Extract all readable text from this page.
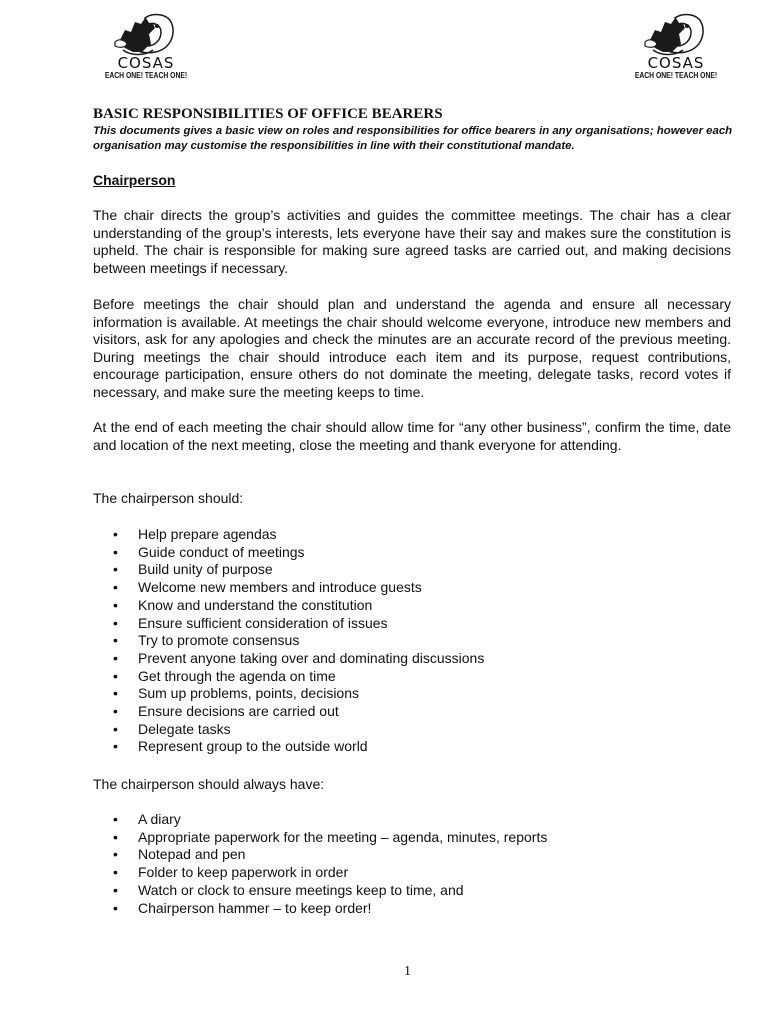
COSAS
EACH ONE! TEACH ONE!
COSAS
EACH ONE! TEACH ONE!
BASIC RESPONSIBILITIES OF OFFICE BEARERS

This documents gives a basic view on roles and responsibilities for office bearers in any organisations; however each organisation may customise the responsibilities in line with their constitutional mandate.

Chairperson

The chair directs the group’s activities and guides the committee meetings. The chair has a clear understanding of the group’s interests, lets everyone have their say and makes sure the constitution is upheld. The chair is responsible for making sure agreed tasks are carried out, and making decisions between meetings if necessary.

Before meetings the chair should plan and understand the agenda and ensure all necessary information is available. At meetings the chair should welcome everyone, introduce new members and visitors, ask for any apologies and check the minutes are an accurate record of the previous meeting. During meetings the chair should introduce each item and its purpose, request contributions, encourage participation, ensure others do not dominate the meeting, delegate tasks, record votes if necessary, and make sure the meeting keeps to time.

At the end of each meeting the chair should allow time for “any other business”, confirm the time, date and location of the next meeting, close the meeting and thank everyone for attending.

The chairperson should:

• Help prepare agendas
• Guide conduct of meetings
• Build unity of purpose
• Welcome new members and introduce guests
• Know and understand the constitution
• Ensure sufficient consideration of issues
• Try to promote consensus
• Prevent anyone taking over and dominating discussions
• Get through the agenda on time
• Sum up problems, points, decisions
• Ensure decisions are carried out
• Delegate tasks
• Represent group to the outside world

The chairperson should always have:

• A diary
• Appropriate paperwork for the meeting – agenda, minutes, reports
• Notepad and pen
• Folder to keep paperwork in order
• Watch or clock to ensure meetings keep to time, and
• Chairperson hammer – to keep order!

1
